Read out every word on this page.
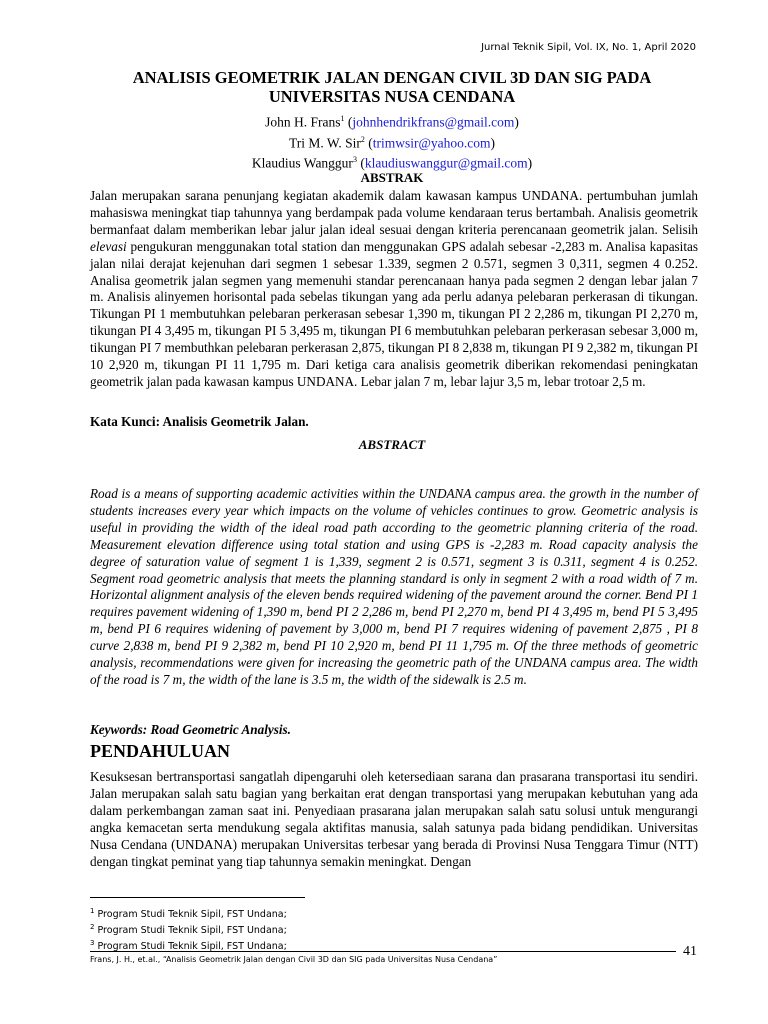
Jurnal Teknik Sipil, Vol. IX, No. 1, April 2020
ANALISIS GEOMETRIK JALAN DENGAN CIVIL 3D DAN SIG PADA UNIVERSITAS NUSA CENDANA
John H. Frans$^1$ (johnhendrikfrans@gmail.com)
Tri M. W. Sir$^2$ (trimwsir@yahoo.com)
Klaudius Wanggur$^3$ (klaudiuswanggur@gmail.com)
ABSTRAK

Jalan merupakan sarana penunjang kegiatan akademik dalam kawasan kampus UNDANA. pertumbuhan jumlah mahasiswa meningkat tiap tahunnya yang berdampak pada volume kendaraan terus bertambah. Analisis geometrik bermanfaat dalam memberikan lebar jalur jalan ideal sesuai dengan kriteria perencanaan geometrik jalan. Selisih elevasi pengukuran menggunakan total station dan menggunakan GPS adalah sebesar -2,283 m. Analisa kapasitas jalan nilai derajat kejenuhan dari segmen 1 sebesar 1.339, segmen 2 0.571, segmen 3 0,311, segmen 4 0.252. Analisa geometrik jalan segmen yang memenuhi standar perencanaan hanya pada segmen 2 dengan lebar jalan 7 m. Analisis alinyemen horisontal pada sebelas tikungan yang ada perlu adanya pelebaran perkerasan di tikungan. Tikungan PI 1 membutuhkan pelebaran perkerasan sebesar 1,390 m, tikungan PI 2 2,286 m, tikungan PI 2,270 m, tikungan PI 4 3,495 m, tikungan PI 5 3,495 m, tikungan PI 6 membutuhkan pelebaran perkerasan sebesar 3,000 m, tikungan PI 7 membuthkan pelebaran perkerasan 2,875, tikungan PI 8 2,838 m, tikungan PI 9 2,382 m, tikungan PI 10 2,920 m, tikungan PI 11 1,795 m. Dari ketiga cara analisis geometrik diberikan rekomendasi peningkatan geometrik jalan pada kawasan kampus UNDANA. Lebar jalan 7 m, lebar lajur 3,5 m, lebar trotoar 2,5 m.

Kata Kunci: Analisis Geometrik Jalan.

ABSTRACT

Road is a means of supporting academic activities within the UNDANA campus area. the growth in the number of students increases every year which impacts on the volume of vehicles continues to grow. Geometric analysis is useful in providing the width of the ideal road path according to the geometric planning criteria of the road. Measurement elevation difference using total station and using GPS is -2,283 m. Road capacity analysis the degree of saturation value of segment 1 is 1,339, segment 2 is 0.571, segment 3 is 0.311, segment 4 is 0.252. Segment road geometric analysis that meets the planning standard is only in segment 2 with a road width of 7 m. Horizontal alignment analysis of the eleven bends required widening of the pavement around the corner. Bend PI 1 requires pavement widening of 1,390 m, bend PI 2 2,286 m, bend PI 2,270 m, bend PI 4 3,495 m, bend PI 5 3,495 m, bend PI 6 requires widening of pavement by 3,000 m, bend PI 7 requires widening of pavement 2,875 , PI 8 curve 2,838 m, bend PI 9 2,382 m, bend PI 10 2,920 m, bend PI 11 1,795 m. Of the three methods of geometric analysis, recommendations were given for increasing the geometric path of the UNDANA campus area. The width of the road is 7 m, the width of the lane is 3.5 m, the width of the sidewalk is 2.5 m.

Keywords: Road Geometric Analysis.

PENDAHULUAN

Kesuksesan bertransportasi sangatlah dipengaruhi oleh ketersediaan sarana dan prasarana transportasi itu sendiri. Jalan merupakan salah satu bagian yang berkaitan erat dengan transportasi yang merupakan kebutuhan yang ada dalam perkembangan zaman saat ini. Penyediaan prasarana jalan merupakan salah satu solusi untuk mengurangi angka kemacetan serta mendukung segala aktifitas manusia, salah satunya pada bidang pendidikan. Universitas Nusa Cendana (UNDANA) merupakan Universitas terbesar yang berada di Provinsi Nusa Tenggara Timur (NTT) dengan tingkat peminat yang tiap tahunnya semakin meningkat. Dengan

$^1$ Program Studi Teknik Sipil, FST Undana;
$^2$ Program Studi Teknik Sipil, FST Undana;
$^3$ Program Studi Teknik Sipil, FST Undana;
Frans, J. H., et.al., “Analisis Geometrik Jalan dengan Civil 3D dan SIG pada Universitas Nusa Cendana”
41
